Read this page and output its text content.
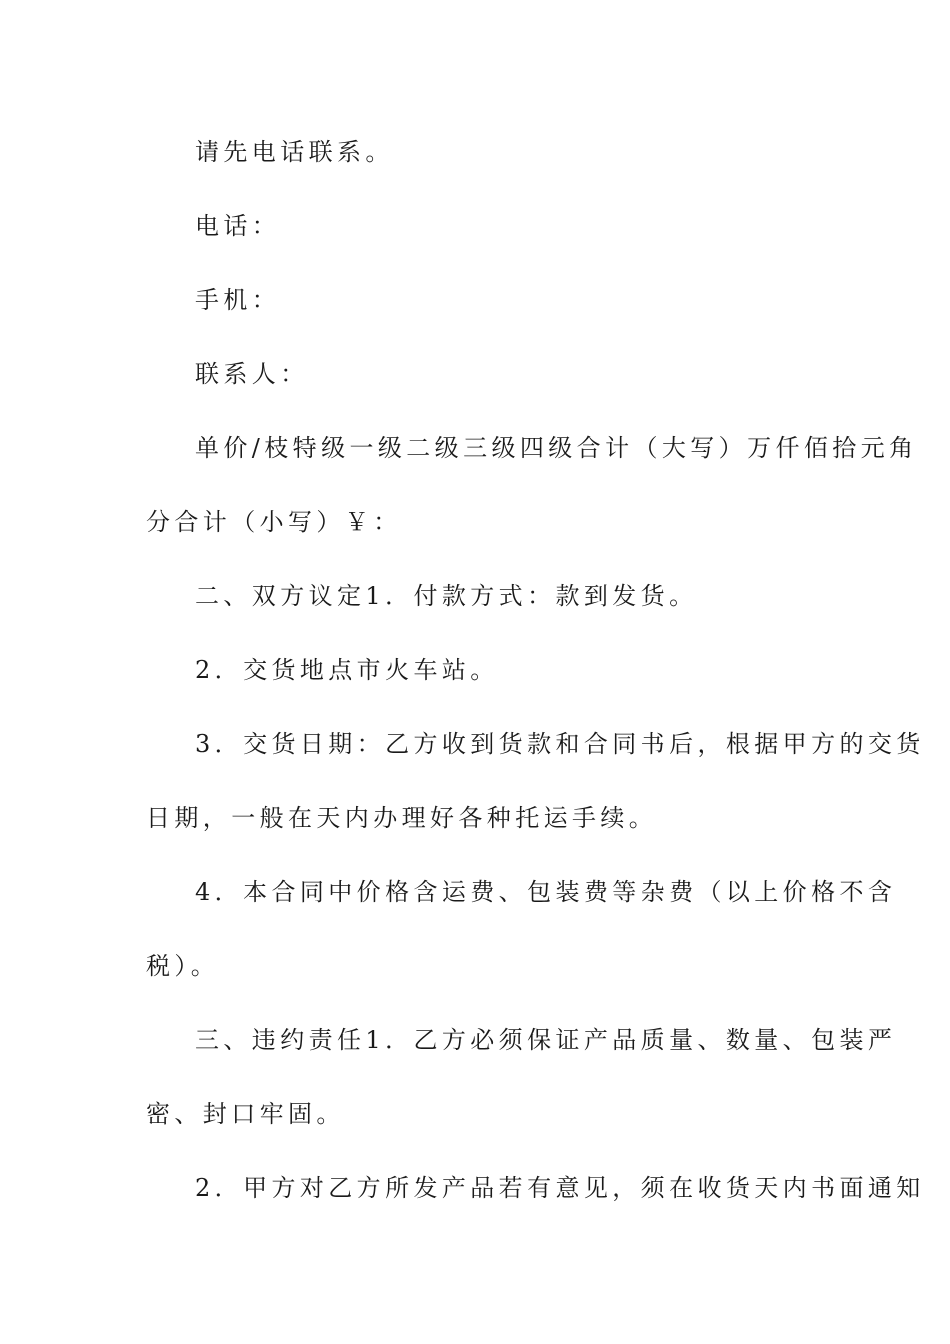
请先电话联系。

电话：

手机：

联系人：

单价/枝特级一级二级三级四级合计（大写）万仟佰拾元角

分合计（小写）￥：

二、双方议定1．付款方式：款到发货。

2．交货地点市火车站。

3．交货日期：乙方收到货款和合同书后，根据甲方的交货

日期，一般在天内办理好各种托运手续。

4．本合同中价格含运费、包装费等杂费（以上价格不含

税）。

三、违约责任1．乙方必须保证产品质量、数量、包装严

密、封口牢固。

2．甲方对乙方所发产品若有意见，须在收货天内书面通知
